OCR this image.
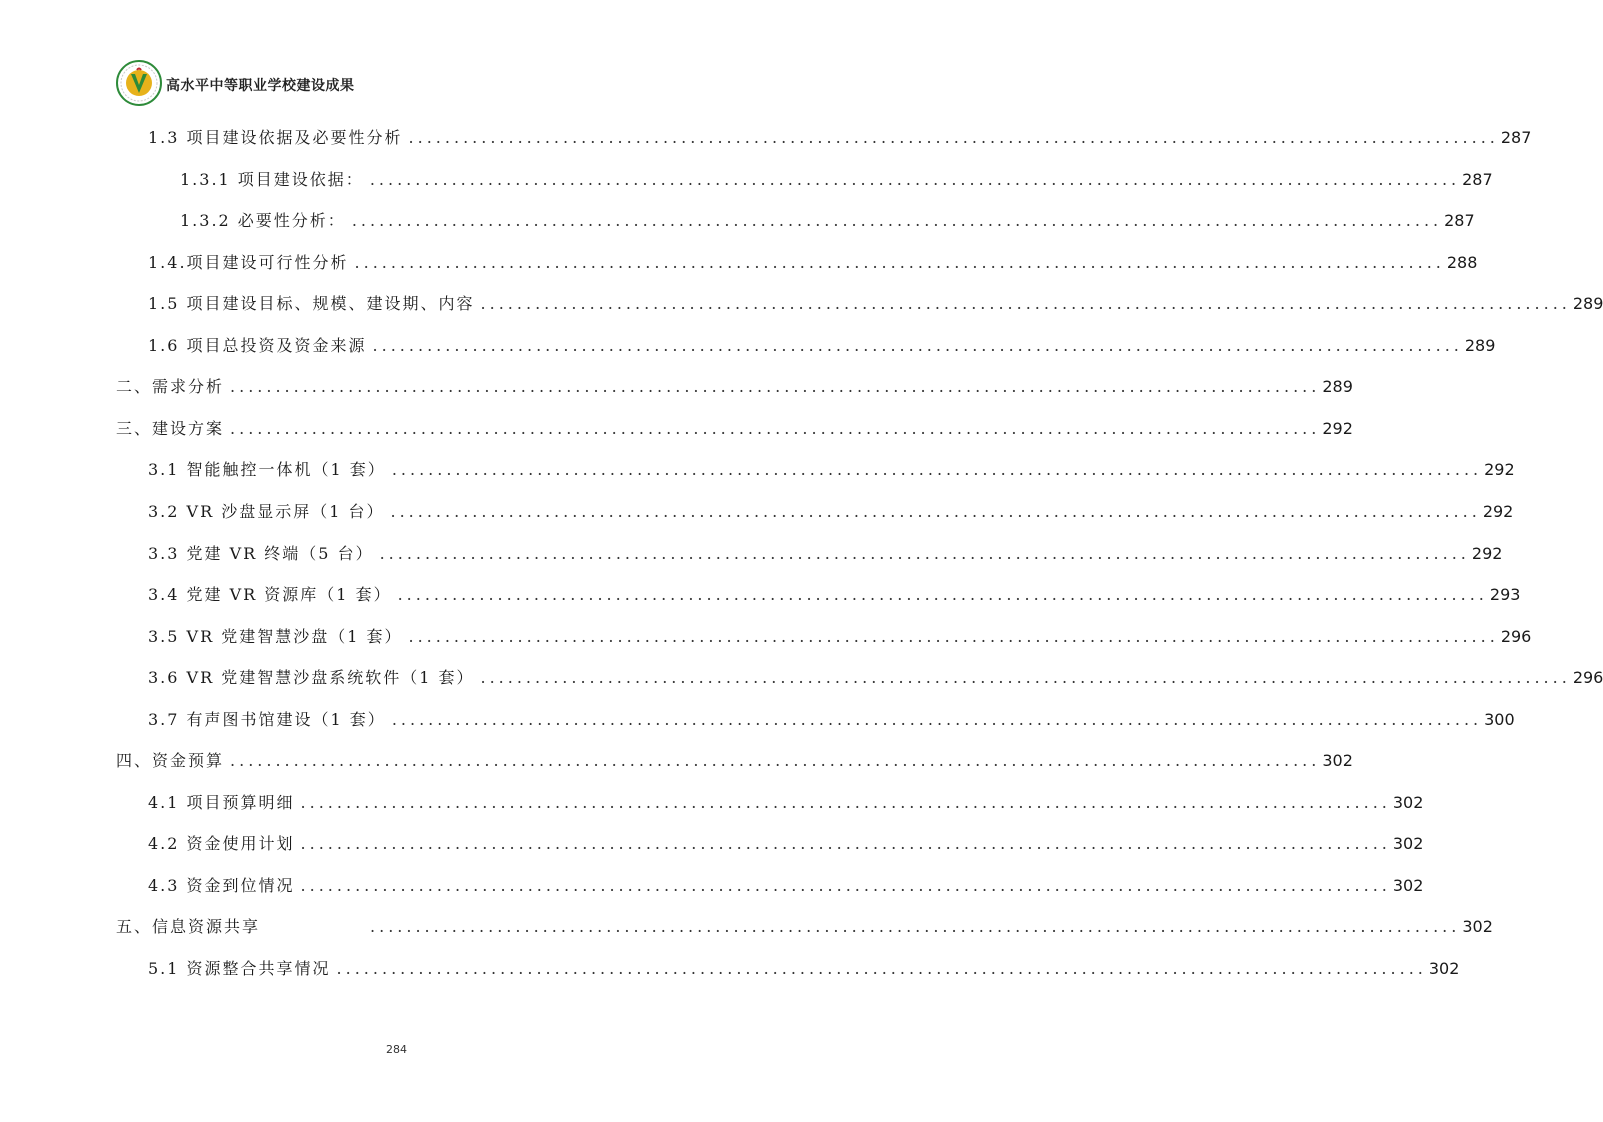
高水平中等职业学校建设成果
1.3 项目建设依据及必要性分析 ........................................................................................................................ 287
1.3.1 项目建设依据： ........................................................................................................................ 287
1.3.2 必要性分析： ........................................................................................................................ 287
1.4.项目建设可行性分析 ........................................................................................................................ 288
1.5 项目建设目标、规模、建设期、内容 ........................................................................................................................ 289
1.6 项目总投资及资金来源 ........................................................................................................................ 289
二、需求分析 ........................................................................................................................ 289
三、建设方案 ........................................................................................................................ 292
3.1 智能触控一体机（1 套） ........................................................................................................................ 292
3.2 VR 沙盘显示屏（1 台） ........................................................................................................................ 292
3.3 党建 VR 终端（5 台） ........................................................................................................................ 292
3.4 党建 VR 资源库（1 套） ........................................................................................................................ 293
3.5 VR 党建智慧沙盘（1 套） ........................................................................................................................ 296
3.6 VR 党建智慧沙盘系统软件（1 套） ........................................................................................................................ 296
3.7 有声图书馆建设（1 套） ........................................................................................................................ 300
四、资金预算 ........................................................................................................................ 302
4.1 项目预算明细 ........................................................................................................................ 302
4.2 资金使用计划 ........................................................................................................................ 302
4.3 资金到位情况 ........................................................................................................................ 302
五、信息资源共享	........................................................................................................................ 302
5.1 资源整合共享情况 ........................................................................................................................ 302
284
